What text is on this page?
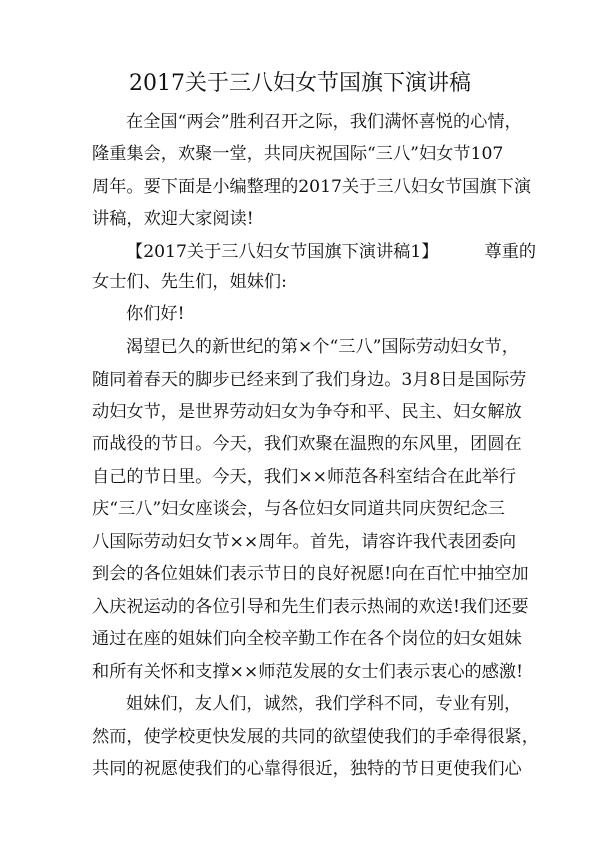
2017关于三八妇女节国旗下演讲稿

在全国“两会”胜利召开之际，我们满怀喜悦的心情，

隆重集会，欢聚一堂，共同庆祝国际“三八”妇女节107

周年。要下面是小编整理的2017关于三八妇女节国旗下演

讲稿，欢迎大家阅读!

【2017关于三八妇女节国旗下演讲稿1】	尊重的

女士们、先生们，姐妹们:

你们好!

渴望已久的新世纪的第×个“三八”国际劳动妇女节，

随同着春天的脚步已经来到了我们身边。3月8日是国际劳

动妇女节，是世界劳动妇女为争夺和平、民主、妇女解放

而战役的节日。今天，我们欢聚在温煦的东风里，团圆在

自己的节日里。今天，我们××师范各科室结合在此举行

庆“三八”妇女座谈会，与各位妇女同道共同庆贺纪念三

八国际劳动妇女节××周年。首先，请容许我代表团委向

到会的各位姐妹们表示节日的良好祝愿!向在百忙中抽空加

入庆祝运动的各位引导和先生们表示热闹的欢送!我们还要

通过在座的姐妹们向全校辛勤工作在各个岗位的妇女姐妹

和所有关怀和支撑××师范发展的女士们表示衷心的感激!

姐妹们，友人们，诚然，我们学科不同，专业有别，

然而，使学校更快发展的共同的欲望使我们的手牵得很紧，

共同的祝愿使我们的心靠得很近，独特的节日更使我们心
